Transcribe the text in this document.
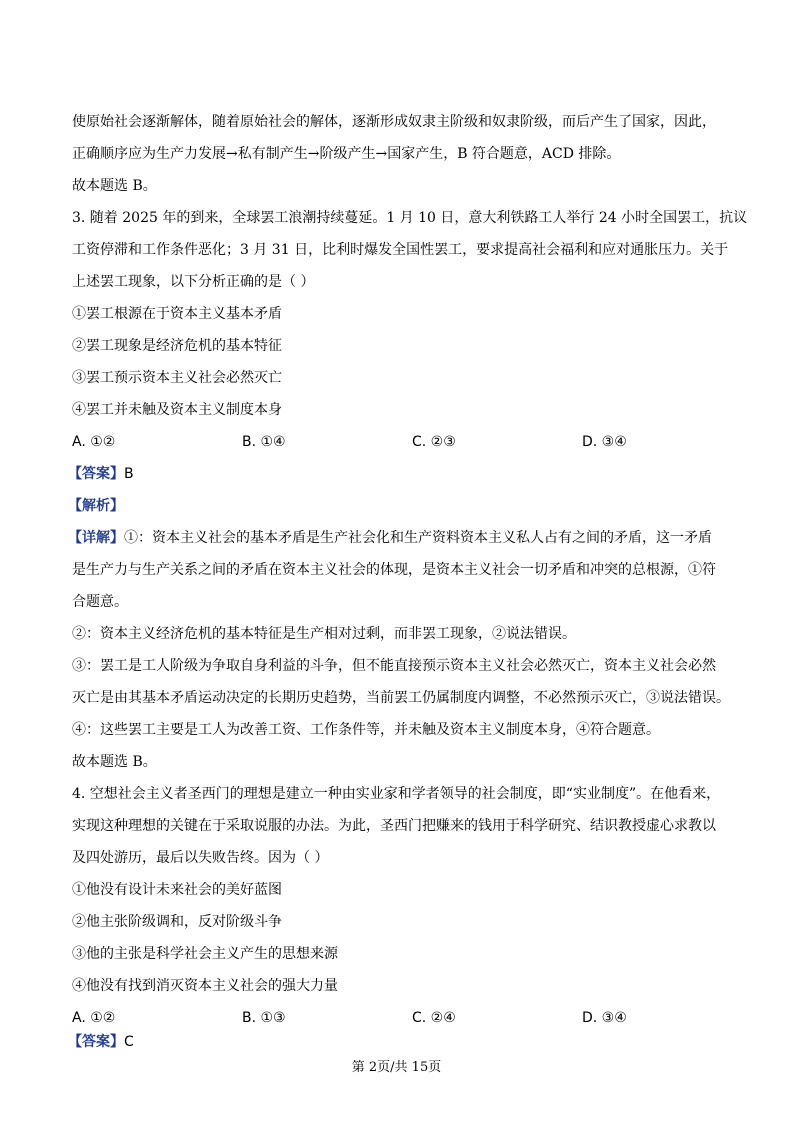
使原始社会逐渐解体，随着原始社会的解体，逐渐形成奴隶主阶级和奴隶阶级，而后产生了国家，因此，
正确顺序应为生产力发展→私有制产生→阶级产生→国家产生，B 符合题意，ACD 排除。
故本题选 B。
3. 随着 2025 年的到来，全球罢工浪潮持续蔓延。1 月 10 日，意大利铁路工人举行 24 小时全国罢工，抗议
工资停滞和工作条件恶化；3 月 31 日，比利时爆发全国性罢工，要求提高社会福利和应对通胀压力。关于
上述罢工现象，以下分析正确的是（ ）
①罢工根源在于资本主义基本矛盾
②罢工现象是经济危机的基本特征
③罢工预示资本主义社会必然灭亡
④罢工并未触及资本主义制度本身
A. ①②	B. ①④	C. ②③	D. ③④
【答案】B
【解析】
【详解】①：资本主义社会的基本矛盾是生产社会化和生产资料资本主义私人占有之间的矛盾，这一矛盾
是生产力与生产关系之间的矛盾在资本主义社会的体现，是资本主义社会一切矛盾和冲突的总根源，①符
合题意。
②：资本主义经济危机的基本特征是生产相对过剩，而非罢工现象，②说法错误。
③：罢工是工人阶级为争取自身利益的斗争，但不能直接预示资本主义社会必然灭亡，资本主义社会必然
灭亡是由其基本矛盾运动决定的长期历史趋势，当前罢工仍属制度内调整，不必然预示灭亡，③说法错误。
④：这些罢工主要是工人为改善工资、工作条件等，并未触及资本主义制度本身，④符合题意。
故本题选 B。
4. 空想社会主义者圣西门的理想是建立一种由实业家和学者领导的社会制度，即“实业制度”。在他看来，
实现这种理想的关键在于采取说服的办法。为此，圣西门把赚来的钱用于科学研究、结识教授虚心求教以
及四处游历，最后以失败告终。因为（ ）
①他没有设计未来社会的美好蓝图
②他主张阶级调和，反对阶级斗争
③他的主张是科学社会主义产生的思想来源
④他没有找到消灭资本主义社会的强大力量
A. ①②	B. ①③	C. ②④	D. ③④
【答案】C
第 2页/共 15页
